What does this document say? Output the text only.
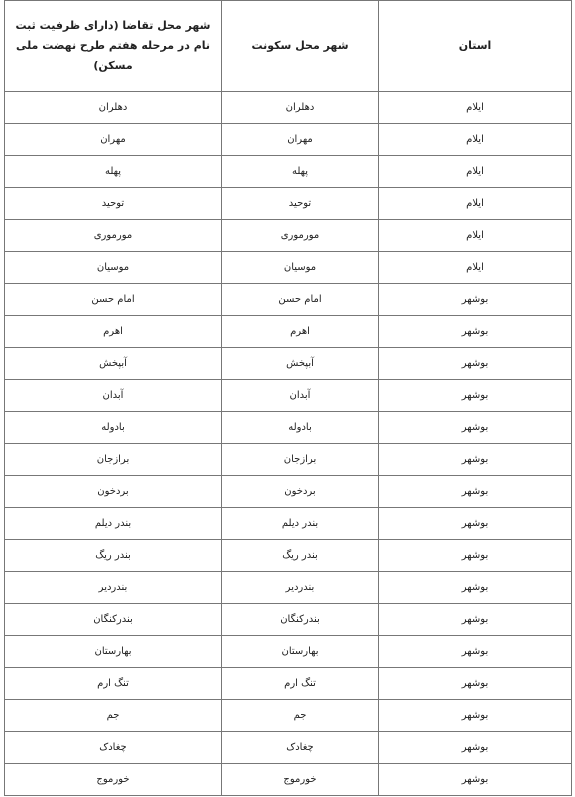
استان	شهر محل سکونت	شهر محل تقاضا (دارای ظرفیت ثبت نام در مرحله هفتم طرح نهضت ملی مسکن)
ایلام	دهلران	دهلران
ایلام	مهران	مهران
ایلام	پهله	پهله
ایلام	توحید	توحید
ایلام	مورموری	مورموری
ایلام	موسیان	موسیان
بوشهر	امام حسن	امام حسن
بوشهر	اهرم	اهرم
بوشهر	آبپخش	آبپخش
بوشهر	آبدان	آبدان
بوشهر	بادوله	بادوله
بوشهر	برازجان	برازجان
بوشهر	بردخون	بردخون
بوشهر	بندر دیلم	بندر دیلم
بوشهر	بندر ریگ	بندر ریگ
بوشهر	بندردیر	بندردیر
بوشهر	بندرکنگان	بندرکنگان
بوشهر	بهارستان	بهارستان
بوشهر	تنگ ارم	تنگ ارم
بوشهر	جم	جم
بوشهر	چغادک	چغادک
بوشهر	خورموج	خورموج
